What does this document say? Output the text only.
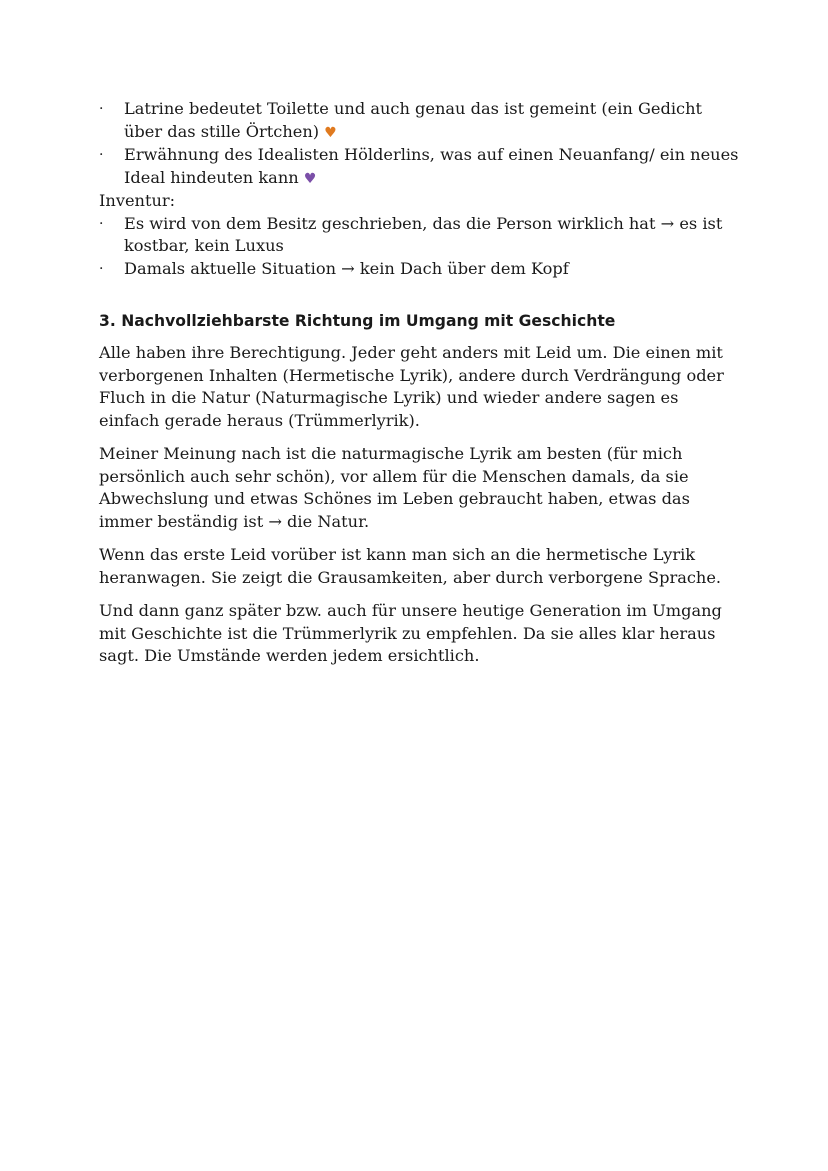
· Latrine bedeutet Toilette und auch genau das ist gemeint (ein Gedicht über das stille Örtchen) ♥
· Erwähnung des Idealisten Hölderlins, was auf einen Neuanfang/ ein neues Ideal hindeuten kann ♥

Inventur:

· Es wird von dem Besitz geschrieben, das die Person wirklich hat → es ist kostbar, kein Luxus
· Damals aktuelle Situation → kein Dach über dem Kopf
3. Nachvollziehbarste Richtung im Umgang mit Geschichte

Alle haben ihre Berechtigung. Jeder geht anders mit Leid um. Die einen mit verborgenen Inhalten (Hermetische Lyrik), andere durch Verdrängung oder Fluch in die Natur (Naturmagische Lyrik) und wieder andere sagen es einfach gerade heraus (Trümmerlyrik).

Meiner Meinung nach ist die naturmagische Lyrik am besten (für mich persönlich auch sehr schön), vor allem für die Menschen damals, da sie Abwechslung und etwas Schönes im Leben gebraucht haben, etwas das immer beständig ist → die Natur.

Wenn das erste Leid vorüber ist kann man sich an die hermetische Lyrik heranwagen. Sie zeigt die Grausamkeiten, aber durch verborgene Sprache.

Und dann ganz später bzw. auch für unsere heutige Generation im Umgang mit Geschichte ist die Trümmerlyrik zu empfehlen. Da sie alles klar heraus sagt. Die Umstände werden jedem ersichtlich.
